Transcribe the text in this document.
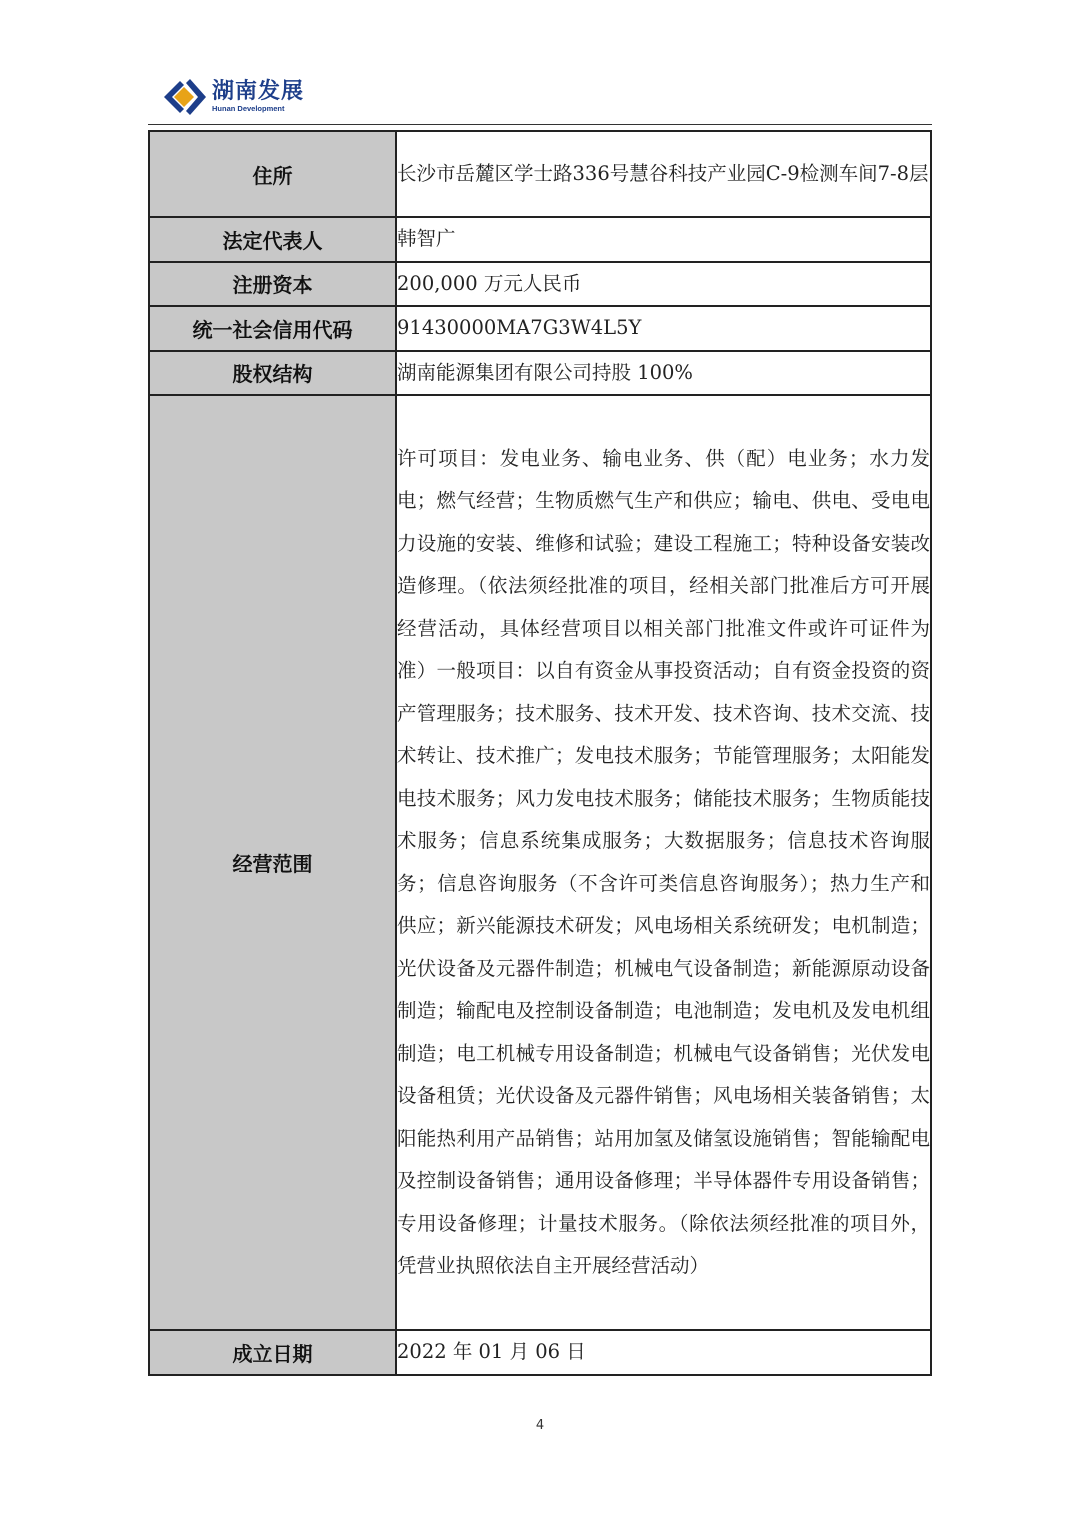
湖南发展
Hunan Development
住所	长沙市岳麓区学士路336号慧谷科技产业园C-9检测车间7-8层
法定代表人	韩智广
注册资本	200,000 万元人民币
统一社会信用代码	91430000MA7G3W4L5Y
股权结构	湖南能源集团有限公司持股 100%
经营范围	许可项目：发电业务、输电业务、供（配）电业务；水力发电；燃气经营；生物质燃气生产和供应；输电、供电、受电电力设施的安装、维修和试验；建设工程施工；特种设备安装改造修理。（依法须经批准的项目，经相关部门批准后方可开展经营活动，具体经营项目以相关部门批准文件或许可证件为准）一般项目：以自有资金从事投资活动；自有资金投资的资产管理服务；技术服务、技术开发、技术咨询、技术交流、技术转让、技术推广；发电技术服务；节能管理服务；太阳能发电技术服务；风力发电技术服务；储能技术服务；生物质能技术服务；信息系统集成服务；大数据服务；信息技术咨询服务；信息咨询服务（不含许可类信息咨询服务）；热力生产和供应；新兴能源技术研发；风电场相关系统研发；电机制造；光伏设备及元器件制造；机械电气设备制造；新能源原动设备制造；输配电及控制设备制造；电池制造；发电机及发电机组制造；电工机械专用设备制造；机械电气设备销售；光伏发电设备租赁；光伏设备及元器件销售；风电场相关装备销售；太阳能热利用产品销售；站用加氢及储氢设施销售；智能输配电及控制设备销售；通用设备修理；半导体器件专用设备销售；专用设备修理；计量技术服务。（除依法须经批准的项目外，凭营业执照依法自主开展经营活动）
成立日期	2022 年 01 月 06 日
4
